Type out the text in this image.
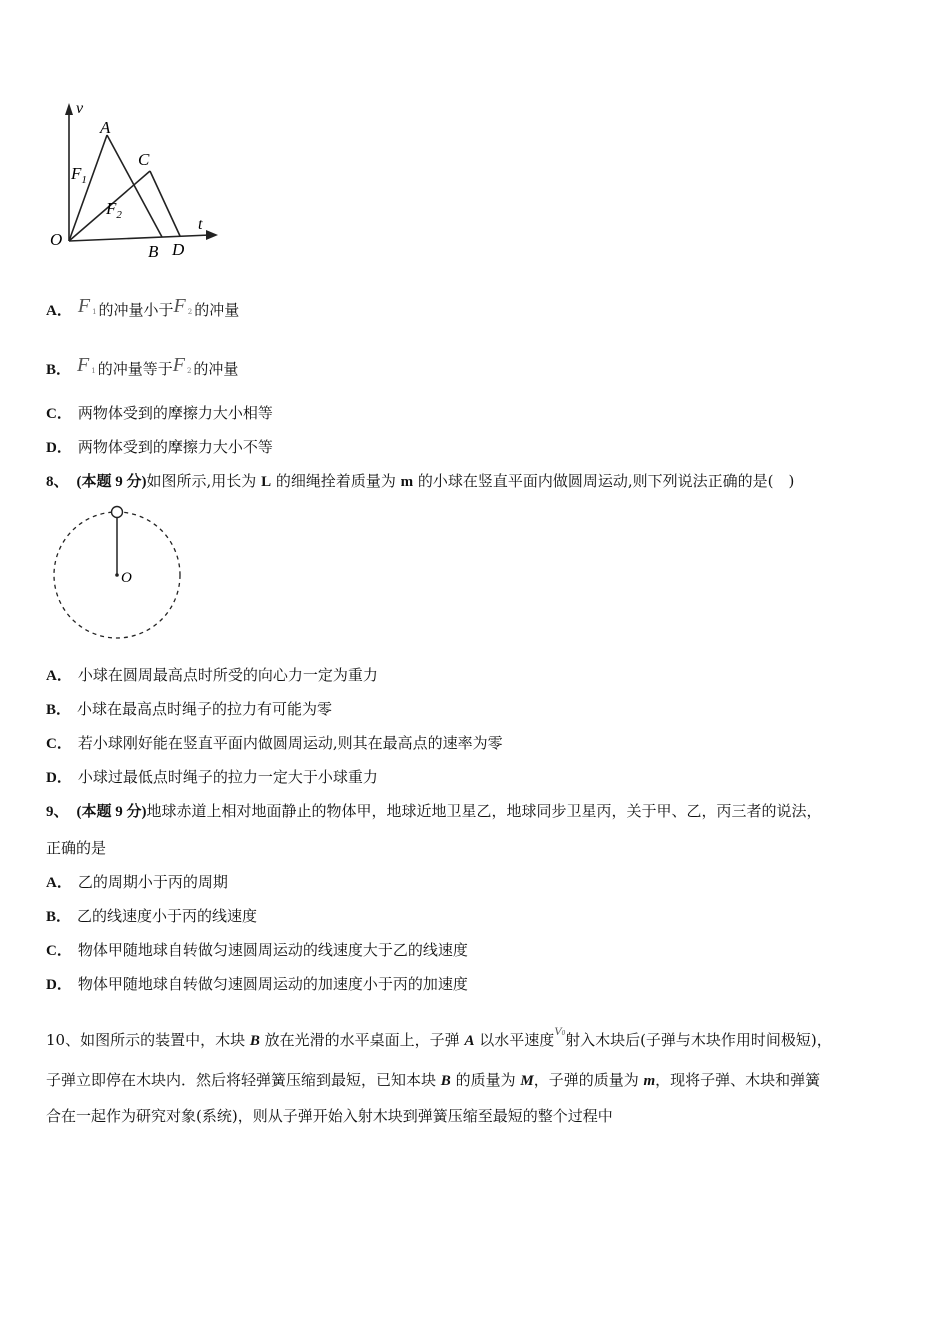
v
t
O
A
B
C
D
$F_1$
$F_2$
A． F 1 的冲量小于F 2 的冲量
B． F 1 的冲量等于F 2 的冲量
C． 两物体受到的摩擦力大小相等
D． 两物体受到的摩擦力大小不等
8、 (本题 9 分)如图所示,用长为 L 的细绳拴着质量为 m 的小球在竖直平面内做圆周运动,则下列说法正确的是(　)
O
A． 小球在圆周最高点时所受的向心力一定为重力
B． 小球在最高点时绳子的拉力有可能为零
C． 若小球刚好能在竖直平面内做圆周运动,则其在最高点的速率为零
D． 小球过最低点时绳子的拉力一定大于小球重力
9、 (本题 9 分)地球赤道上相对地面静止的物体甲，地球近地卫星乙，地球同步卫星丙，关于甲、乙，丙三者的说法，
正确的是
A． 乙的周期小于丙的周期
B． 乙的线速度小于丙的线速度
C． 物体甲随地球自转做匀速圆周运动的线速度大于乙的线速度
D． 物体甲随地球自转做匀速圆周运动的加速度小于丙的加速度
10、如图所示的装置中，木块 B 放在光滑的水平桌面上，子弹 A 以水平速度$^{V0}$射入木块后(子弹与木块作用时间极短)，
子弹立即停在木块内．然后将轻弹簧压缩到最短，已知本块 B 的质量为 M，子弹的质量为 m，现将子弹、木块和弹簧
合在一起作为研究对象(系统)，则从子弹开始入射木块到弹簧压缩至最短的整个过程中
